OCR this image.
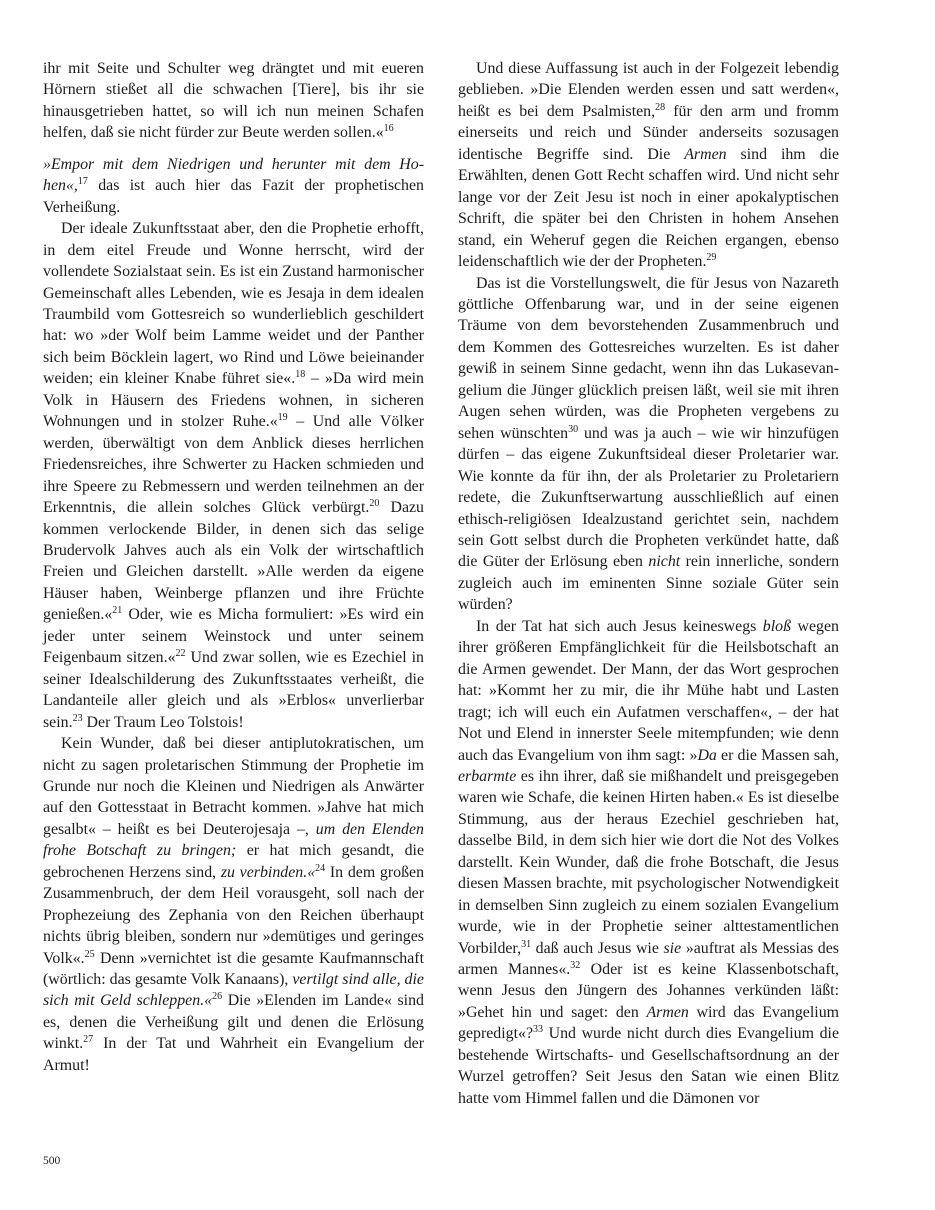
ihr mit Seite und Schulter weg drängtet und mit eueren Hörnern stießet all die schwachen [Tiere], bis ihr sie hinausgetrieben hattet, so will ich nun meinen Schafen helfen, daß sie nicht fürder zur Beute werden sollen.«$^{16}$

»Empor mit dem Niedrigen und herunter mit dem Hohen«,$^{17}$ das ist auch hier das Fazit der prophetischen Verheißung.

Der ideale Zukunftsstaat aber, den die Prophetie erhofft, in dem eitel Freude und Wonne herrscht, wird der vollendete Sozialstaat sein. Es ist ein Zustand harmonischer Gemeinschaft alles Lebenden, wie es Jesaja in dem idealen Traumbild vom Gottesreich so wunderlieblich geschildert hat: wo »der Wolf beim Lamme weidet und der Panther sich beim Böcklein lagert, wo Rind und Löwe beieinander weiden; ein kleiner Knabe führet sie«.$^{18}$ – »Da wird mein Volk in Häusern des Friedens wohnen, in sicheren Wohnungen und in stolzer Ruhe.«$^{19}$ – Und alle Völker werden, überwältigt von dem Anblick dieses herrlichen Friedensreiches, ihre Schwerter zu Hacken schmieden und ihre Speere zu Rebmessern und werden teilnehmen an der Erkenntnis, die allein solches Glück verbürgt.$^{20}$ Dazu kommen verlockende Bilder, in denen sich das selige Brudervolk Jahves auch als ein Volk der wirtschaftlich Freien und Gleichen darstellt. »Alle werden da eigene Häuser haben, Weinberge pflanzen und ihre Früchte genießen.«$^{21}$ Oder, wie es Micha formuliert: »Es wird ein jeder unter seinem Weinstock und unter seinem Feigenbaum sitzen.«$^{22}$ Und zwar sollen, wie es Ezechiel in seiner Idealschilderung des Zukunftsstaates verheißt, die Landanteile aller gleich und als »Erblos« unverlierbar sein.$^{23}$ Der Traum Leo Tolstois!

Kein Wunder, daß bei dieser antiplutokratischen, um nicht zu sagen proletarischen Stimmung der Prophetie im Grunde nur noch die Kleinen und Niedrigen als Anwärter auf den Gottesstaat in Betracht kommen. »Jahve hat mich gesalbt« – heißt es bei Deuterojesaja –, um den Elenden frohe Botschaft zu bringen; er hat mich gesandt, die gebrochenen Herzens sind, zu verbinden.«$^{24}$ In dem großen Zusammenbruch, der dem Heil vorausgeht, soll nach der Prophezeiung des Zephania von den Reichen überhaupt nichts übrig bleiben, sondern nur »demütiges und geringes Volk«.$^{25}$ Denn »vernichtet ist die gesamte Kaufmannschaft (wörtlich: das gesamte Volk Kanaans), vertilgt sind alle, die sich mit Geld schleppen.«$^{26}$ Die »Elenden im Lande« sind es, denen die Verheißung gilt und denen die Erlösung winkt.$^{27}$ In der Tat und Wahrheit ein Evangelium der Armut!

Und diese Auffassung ist auch in der Folgezeit lebendig geblieben. »Die Elenden werden essen und satt werden«, heißt es bei dem Psalmisten,$^{28}$ für den arm und fromm einerseits und reich und Sünder anderseits sozusagen identische Begriffe sind. Die Armen sind ihm die Erwählten, denen Gott Recht schaffen wird. Und nicht sehr lange vor der Zeit Jesu ist noch in einer apokalyptischen Schrift, die später bei den Christen in hohem Ansehen stand, ein Weheruf gegen die Reichen ergangen, ebenso leidenschaftlich wie der der Propheten.$^{29}$

Das ist die Vorstellungswelt, die für Jesus von Nazareth göttliche Offenbarung war, und in der seine eigenen Träume von dem bevorstehenden Zusammenbruch und dem Kommen des Gottesreiches wurzelten. Es ist daher gewiß in seinem Sinne gedacht, wenn ihn das Lukasevangelium die Jünger glücklich preisen läßt, weil sie mit ihren Augen sehen würden, was die Propheten vergebens zu sehen wünschten$^{30}$ und was ja auch – wie wir hinzufügen dürfen – das eigene Zukunftsideal dieser Proletarier war. Wie konnte da für ihn, der als Proletarier zu Proletariern redete, die Zukunftserwartung ausschließlich auf einen ethisch-religiösen Idealzustand gerichtet sein, nachdem sein Gott selbst durch die Propheten verkündet hatte, daß die Güter der Erlösung eben nicht rein innerliche, sondern zugleich auch im eminenten Sinne soziale Güter sein würden?

In der Tat hat sich auch Jesus keineswegs bloß wegen ihrer größeren Empfänglichkeit für die Heilsbotschaft an die Armen gewendet. Der Mann, der das Wort gesprochen hat: »Kommt her zu mir, die ihr Mühe habt und Lasten tragt; ich will euch ein Aufatmen verschaffen«, – der hat Not und Elend in innerster Seele mitempfunden; wie denn auch das Evangelium von ihm sagt: »Da er die Massen sah, erbarmte es ihn ihrer, daß sie mißhandelt und preisgegeben waren wie Schafe, die keinen Hirten haben.« Es ist dieselbe Stimmung, aus der heraus Ezechiel geschrieben hat, dasselbe Bild, in dem sich hier wie dort die Not des Volkes darstellt. Kein Wunder, daß die frohe Botschaft, die Jesus diesen Massen brachte, mit psychologischer Notwendigkeit in demselben Sinn zugleich zu einem sozialen Evangelium wurde, wie in der Prophetie seiner alttestamentlichen Vorbilder,$^{31}$ daß auch Jesus wie sie »auftrat als Messias des armen Mannes«.$^{32}$ Oder ist es keine Klassenbotschaft, wenn Jesus den Jüngern des Johannes verkünden läßt: »Gehet hin und saget: den Armen wird das Evangelium gepredigt«?$^{33}$ Und wurde nicht durch dies Evangelium die bestehende Wirtschafts- und Gesellschaftsordnung an der Wurzel getroffen? Seit Jesus den Satan wie einen Blitz hatte vom Himmel fallen und die Dämonen vor

500
